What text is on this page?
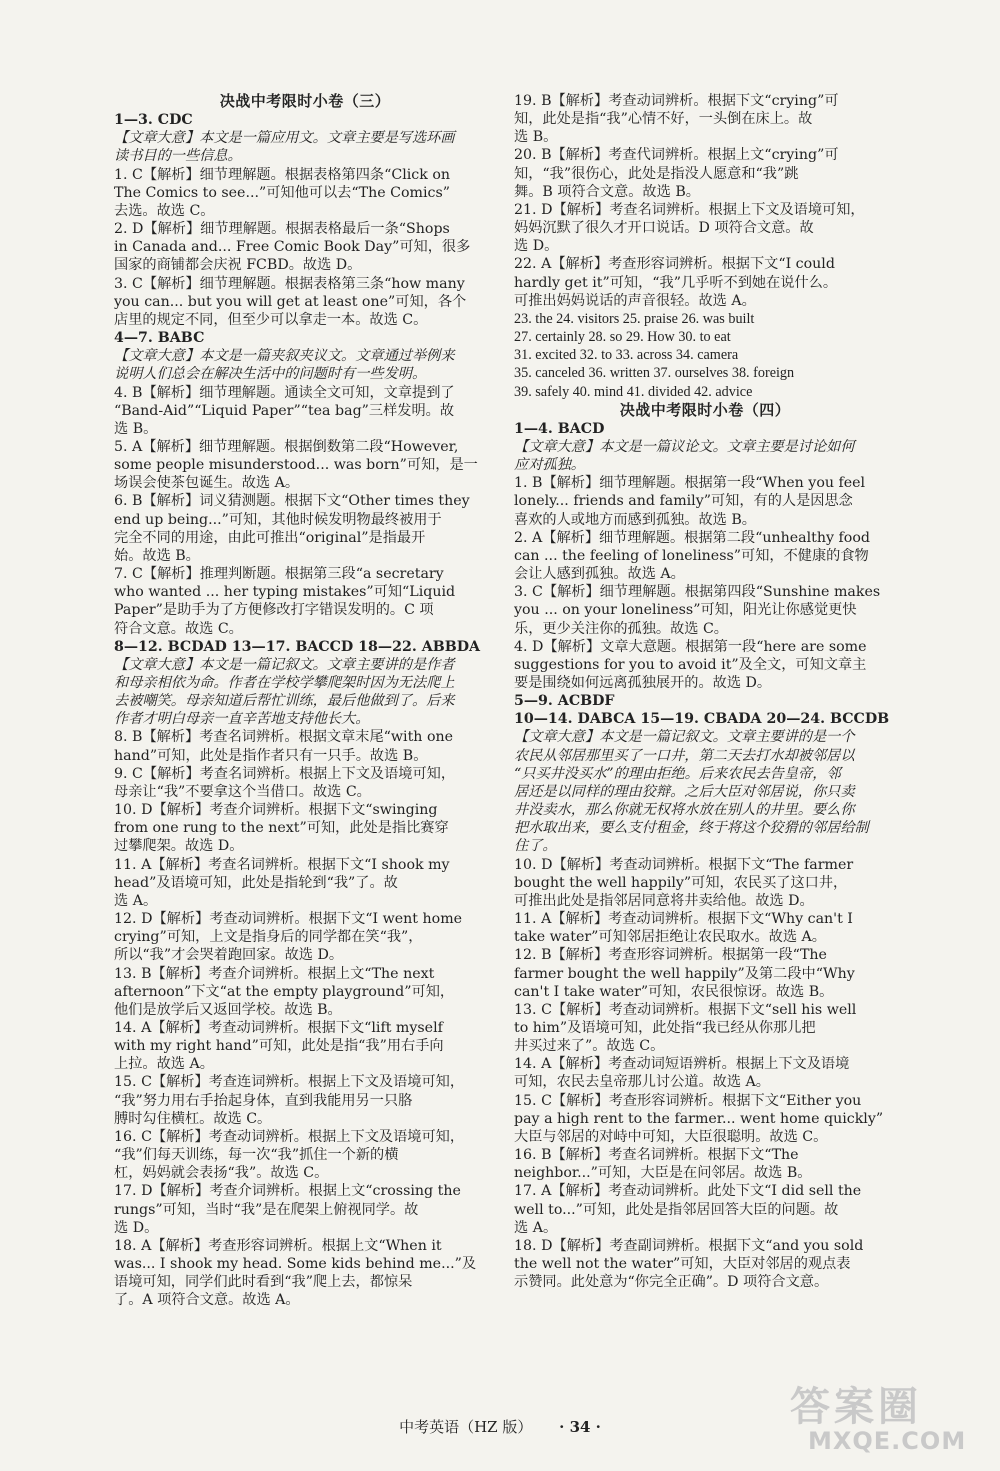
决战中考限时小卷（三）
1—3. CDC
【文章大意】本文是一篇应用文。文章主要是写选环画
读书目的一些信息。
1. C【解析】细节理解题。根据表格第四条“Click on
The Comics to see...”可知他可以去“The Comics”
去选。故选 C。
2. D【解析】细节理解题。根据表格最后一条“Shops
in Canada and... Free Comic Book Day”可知，很多
国家的商铺都会庆祝 FCBD。故选 D。
3. C【解析】细节理解题。根据表格第三条“how many
you can... but you will get at least one”可知，各个
店里的规定不同，但至少可以拿走一本。故选 C。
4—7. BABC
【文章大意】本文是一篇夹叙夹议文。文章通过举例来
说明人们总会在解决生活中的问题时有一些发明。
4. B【解析】细节理解题。通读全文可知，文章提到了
“Band-Aid”“Liquid Paper”“tea bag”三样发明。故
选 B。
5. A【解析】细节理解题。根据倒数第二段“However,
some people misunderstood... was born”可知，是一
场误会使茶包诞生。故选 A。
6. B【解析】词义猜测题。根据下文“Other times they
end up being...”可知，其他时候发明物最终被用于
完全不同的用途，由此可推出“original”是指最开
始。故选 B。
7. C【解析】推理判断题。根据第三段“a secretary
who wanted ... her typing mistakes”可知“Liquid
Paper”是助手为了方便修改打字错误发明的。C 项
符合文意。故选 C。
8—12. BCDAD 13—17. BACCD 18—22. ABBDA
【文章大意】本文是一篇记叙文。文章主要讲的是作者
和母亲相依为命。作者在学校学攀爬架时因为无法爬上
去被嘲笑。母亲知道后帮忙训练，最后他做到了。后来
作者才明白母亲一直辛苦地支持他长大。
8. B【解析】考查名词辨析。根据文章末尾“with one
hand”可知，此处是指作者只有一只手。故选 B。
9. C【解析】考查名词辨析。根据上下文及语境可知，
母亲让“我”不要拿这个当借口。故选 C。
10. D【解析】考查介词辨析。根据下文“swinging
from one rung to the next”可知，此处是指比赛穿
过攀爬架。故选 D。
11. A【解析】考查名词辨析。根据下文“I shook my
head”及语境可知，此处是指轮到“我”了。故
选 A。
12. D【解析】考查动词辨析。根据下文“I went home
crying”可知，上文是指身后的同学都在笑“我”，
所以“我”才会哭着跑回家。故选 D。
13. B【解析】考查介词辨析。根据上文“The next
afternoon”下文“at the empty playground”可知，
他们是放学后又返回学校。故选 B。
14. A【解析】考查动词辨析。根据下文“lift myself
with my right hand”可知，此处是指“我”用右手向
上拉。故选 A。
15. C【解析】考查连词辨析。根据上下文及语境可知，
“我”努力用右手抬起身体，直到我能用另一只胳
膊时勾住横杠。故选 C。
16. C【解析】考查动词辨析。根据上下文及语境可知，
“我”们每天训练，每一次“我”抓住一个新的横
杠，妈妈就会表扬“我”。故选 C。
17. D【解析】考查介词辨析。根据上文“crossing the
rungs”可知，当时“我”是在爬架上俯视同学。故
选 D。
18. A【解析】考查形容词辨析。根据上文“When it
was... I shook my head. Some kids behind me...”及
语境可知，同学们此时看到“我”爬上去，都惊呆
了。A 项符合文意。故选 A。
19. B【解析】考查动词辨析。根据下文“crying”可
知，此处是指“我”心情不好，一头倒在床上。故
选 B。
20. B【解析】考查代词辨析。根据上文“crying”可
知，“我”很伤心，此处是指没人愿意和“我”跳
舞。B 项符合文意。故选 B。
21. D【解析】考查名词辨析。根据上下文及语境可知，
妈妈沉默了很久才开口说话。D 项符合文意。故
选 D。
22. A【解析】考查形容词辨析。根据下文“I could
hardly get it”可知，“我”几乎听不到她在说什么。
可推出妈妈说话的声音很轻。故选 A。
23. the 24. visitors 25. praise 26. was built
27. certainly 28. so 29. How 30. to eat
31. excited 32. to 33. across 34. camera
35. canceled 36. written 37. ourselves 38. foreign
39. safely 40. mind 41. divided 42. advice
决战中考限时小卷（四）
1—4. BACD
【文章大意】本文是一篇议论文。文章主要是讨论如何
应对孤独。
1. B【解析】细节理解题。根据第一段“When you feel
lonely... friends and family”可知，有的人是因思念
喜欢的人或地方而感到孤独。故选 B。
2. A【解析】细节理解题。根据第二段“unhealthy food
can ... the feeling of loneliness”可知，不健康的食物
会让人感到孤独。故选 A。
3. C【解析】细节理解题。根据第四段“Sunshine makes
you ... on your loneliness”可知，阳光让你感觉更快
乐，更少关注你的孤独。故选 C。
4. D【解析】文章大意题。根据第一段“here are some
suggestions for you to avoid it”及全文，可知文章主
要是围绕如何远离孤独展开的。故选 D。
5—9. ACBDF
10—14. DABCA 15—19. CBADA 20—24. BCCDB
【文章大意】本文是一篇记叙文。文章主要讲的是一个
农民从邻居那里买了一口井，第二天去打水却被邻居以
“只买井没买水”的理由拒绝。后来农民去告皇帝，邻
居还是以同样的理由狡辩。之后大臣对邻居说，你只卖
井没卖水，那么你就无权将水放在别人的井里。要么你
把水取出来，要么支付租金，终于将这个狡猾的邻居给制
住了。
10. D【解析】考查动词辨析。根据下文“The farmer
bought the well happily”可知，农民买了这口井，
可推出此处是指邻居同意将井卖给他。故选 D。
11. A【解析】考查动词辨析。根据下文“Why can't I
take water”可知邻居拒绝让农民取水。故选 A。
12. B【解析】考查形容词辨析。根据第一段“The
farmer bought the well happily”及第二段中“Why
can't I take water”可知，农民很惊讶。故选 B。
13. C【解析】考查动词辨析。根据下文“sell his well
to him”及语境可知，此处指“我已经从你那儿把
井买过来了”。故选 C。
14. A【解析】考查动词短语辨析。根据上下文及语境
可知，农民去皇帝那儿讨公道。故选 A。
15. C【解析】考查形容词辨析。根据下文“Either you
pay a high rent to the farmer... went home quickly”
大臣与邻居的对峙中可知，大臣很聪明。故选 C。
16. B【解析】考查名词辨析。根据下文“The
neighbor...”可知，大臣是在问邻居。故选 B。
17. A【解析】考查动词辨析。此处下文“I did sell the
well to...”可知，此处是指邻居回答大臣的问题。故
选 A。
18. D【解析】考查副词辨析。根据下文“and you sold
the well not the water”可知，大臣对邻居的观点表
示赞同。此处意为“你完全正确”。D 项符合文意。
中考英语（HZ 版） · 34 ·	答案圈
MXQE.COM
